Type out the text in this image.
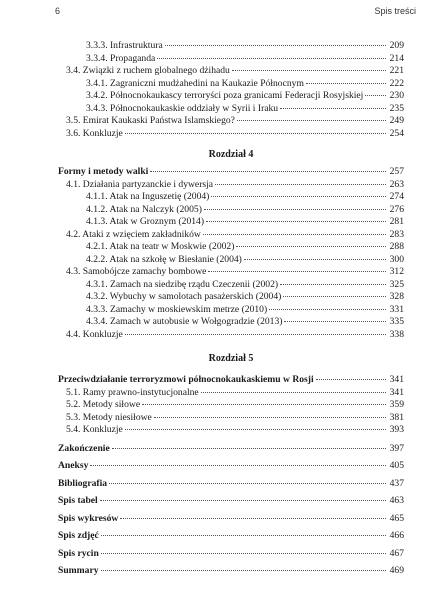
6	Spis treści
3.3.3. Infrastruktura	209
3.3.4. Propaganda	214
3.4. Związki z ruchem globalnego dżihadu	221
3.4.1. Zagraniczni mudżahedini na Kaukazie Północnym	222
3.4.2. Północnokaukascy terroryści poza granicami Federacji Rosyjskiej	230
3.4.3. Północnokaukaskie oddziały w Syrii i Iraku	235
3.5. Emirat Kaukaski Państwa Islamskiego?	249
3.6. Konkluzje	254
Rozdział 4
Formy i metody walki	257
4.1. Działania partyzanckie i dywersja	263
4.1.1. Atak na Inguszetię (2004)	274
4.1.2. Atak na Nalczyk (2005)	276
4.1.3. Atak w Groznym (2014)	281
4.2. Ataki z wzięciem zakładników	283
4.2.1. Atak na teatr w Moskwie (2002)	288
4.2.2. Atak na szkołę w Biesłanie (2004)	300
4.3. Samobójcze zamachy bombowe	312
4.3.1. Zamach na siedzibę rządu Czeczenii (2002)	325
4.3.2. Wybuchy w samolotach pasażerskich (2004)	328
4.3.3. Zamachy w moskiewskim metrze (2010)	331
4.3.4. Zamach w autobusie w Wołgogradzie (2013)	335
4.4. Konkluzje	338
Rozdział 5
Przeciwdziałanie terroryzmowi północnokaukaskiemu w Rosji	341
5.1. Ramy prawno-instytucjonalne	341
5.2. Metody siłowe	359
5.3. Metody niesiłowe	381
5.4. Konkluzje	393
Zakończenie	397
Aneksy	405
Bibliografia	437
Spis tabel	463
Spis wykresów	465
Spis zdjęć	466
Spis rycin	467
Summary	469
